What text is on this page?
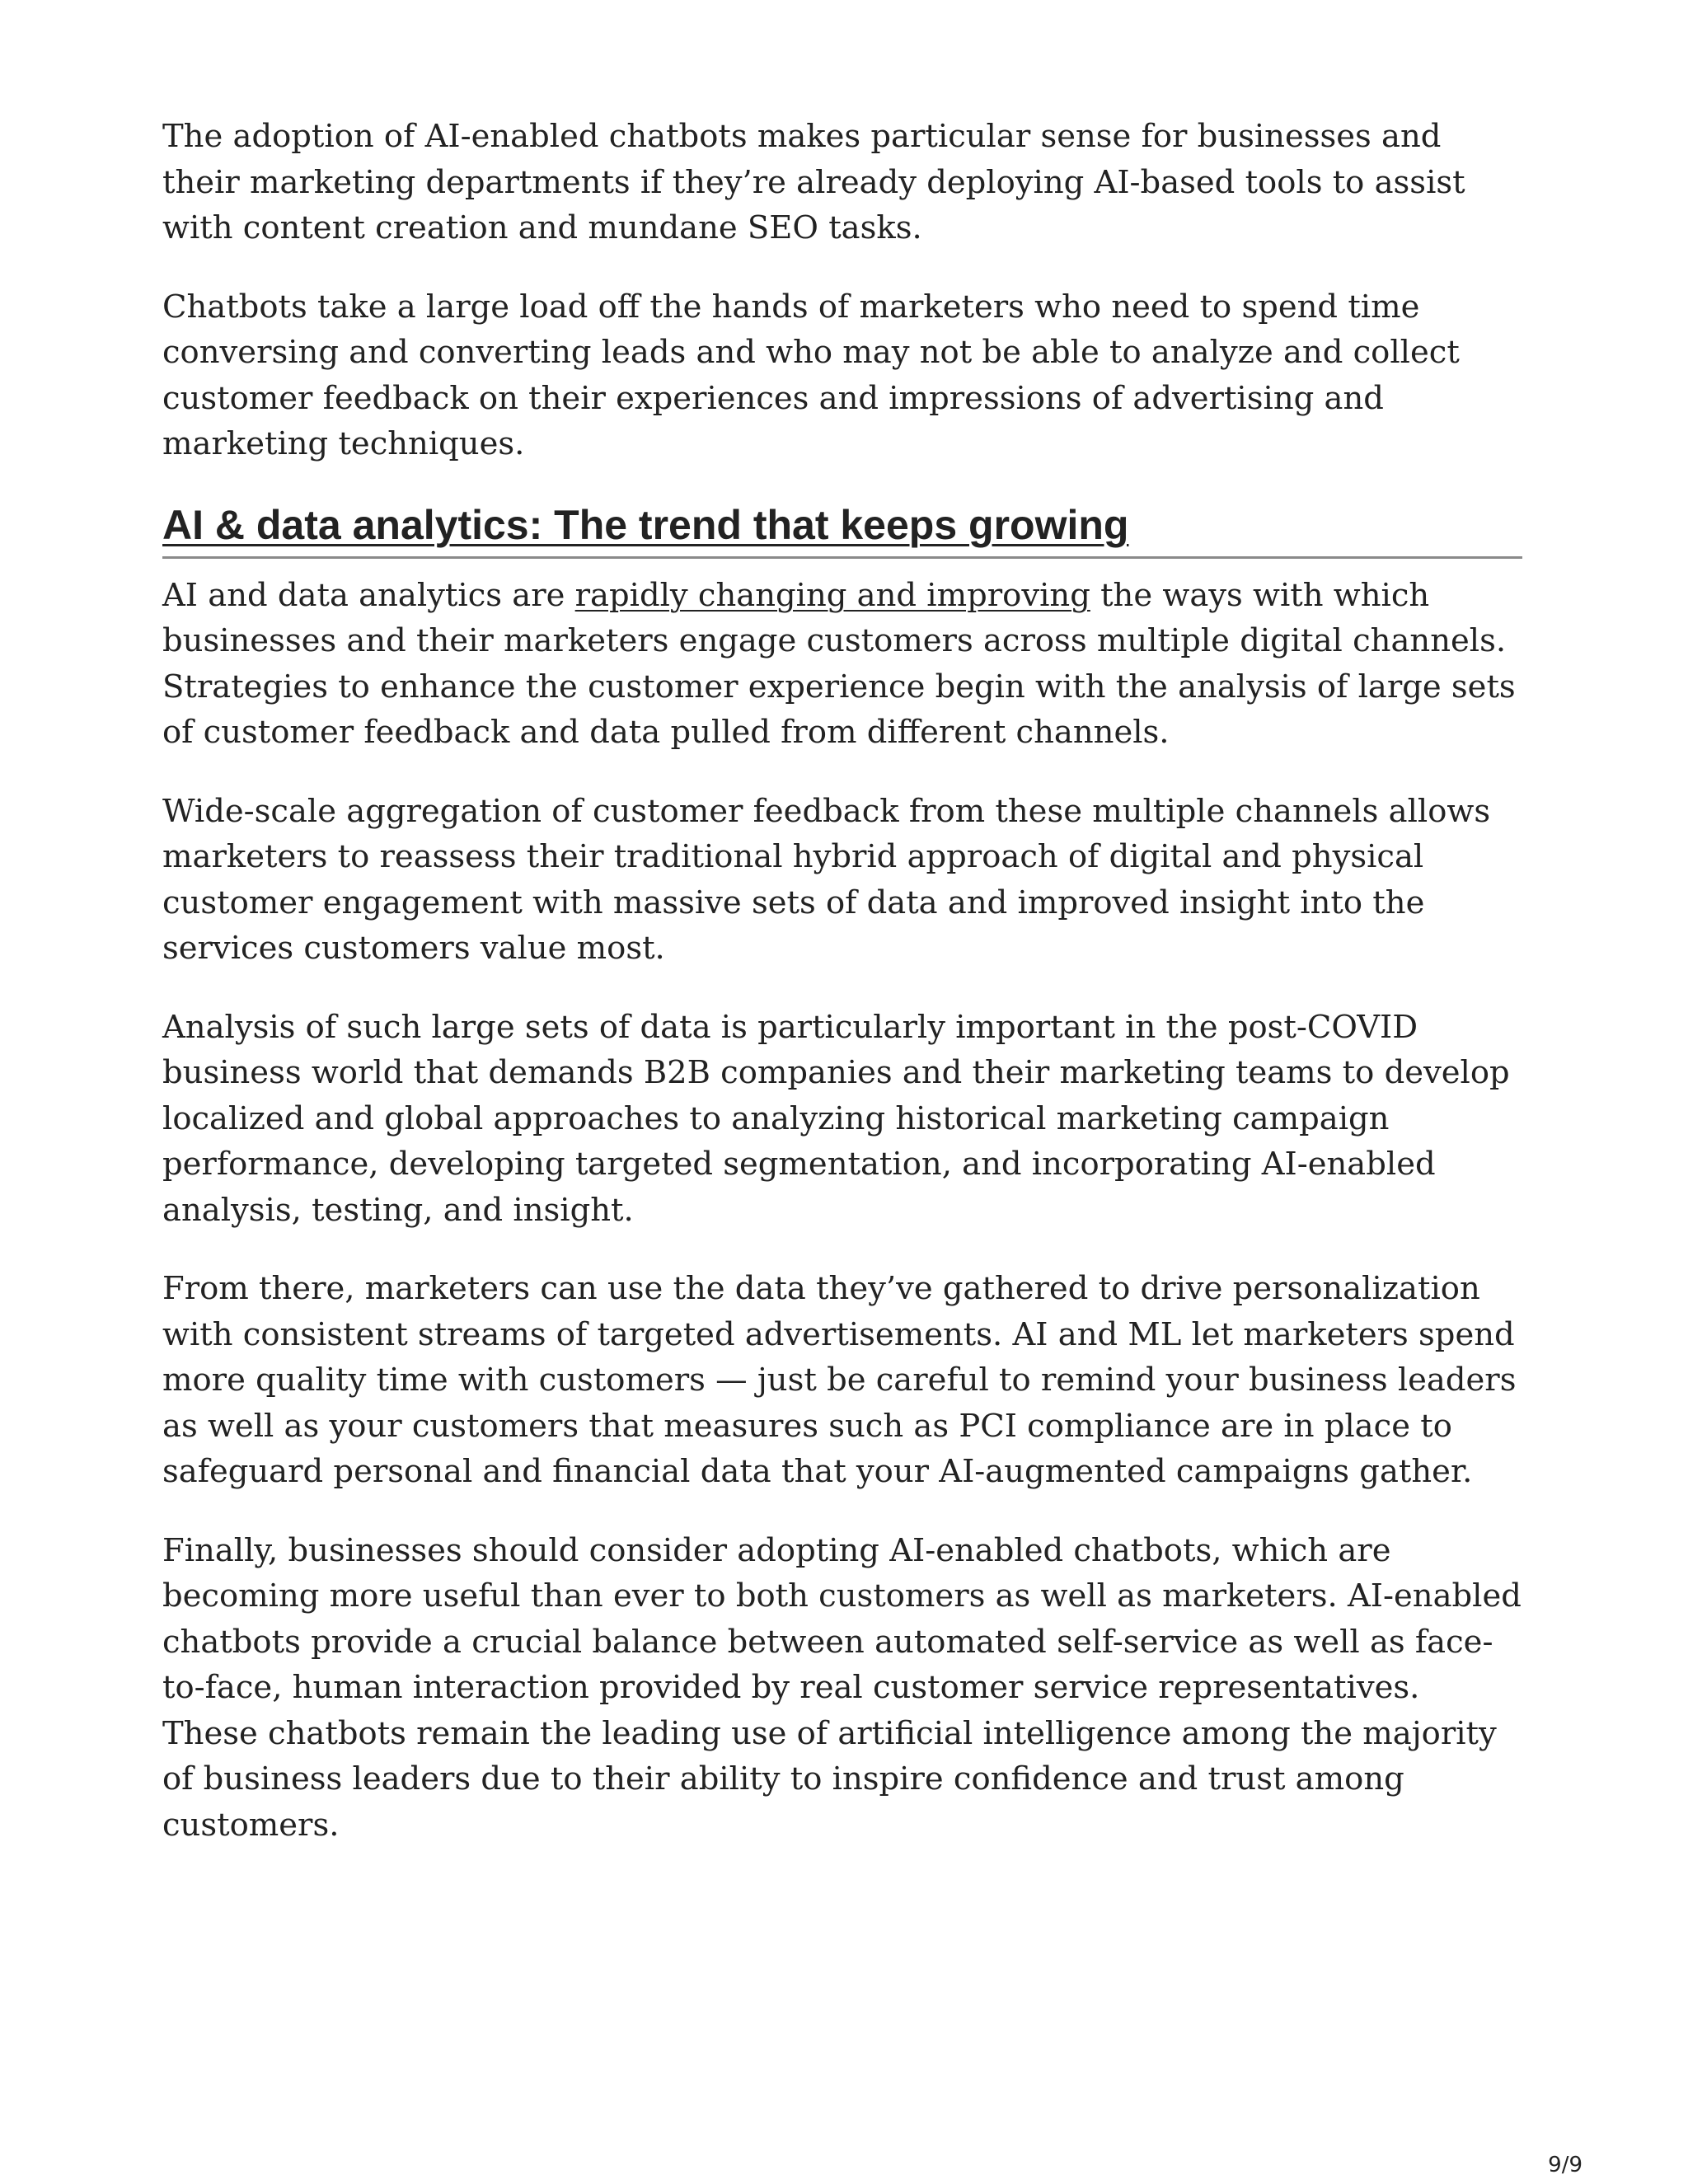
The adoption of AI-enabled chatbots makes particular sense for businesses and their marketing departments if they’re already deploying AI-based tools to assist with content creation and mundane SEO tasks.

Chatbots take a large load off the hands of marketers who need to spend time conversing and converting leads and who may not be able to analyze and collect customer feedback on their experiences and impressions of advertising and marketing techniques.

AI & data analytics: The trend that keeps growing

AI and data analytics are rapidly changing and improving the ways with which businesses and their marketers engage customers across multiple digital channels. Strategies to enhance the customer experience begin with the analysis of large sets of customer feedback and data pulled from different channels.

Wide-scale aggregation of customer feedback from these multiple channels allows marketers to reassess their traditional hybrid approach of digital and physical customer engagement with massive sets of data and improved insight into the services customers value most.

Analysis of such large sets of data is particularly important in the post-COVID business world that demands B2B companies and their marketing teams to develop localized and global approaches to analyzing historical marketing campaign performance, developing targeted segmentation, and incorporating AI-enabled analysis, testing, and insight.

From there, marketers can use the data they’ve gathered to drive personalization with consistent streams of targeted advertisements. AI and ML let marketers spend more quality time with customers — just be careful to remind your business leaders as well as your customers that measures such as PCI compliance are in place to safeguard personal and financial data that your AI-augmented campaigns gather.

Finally, businesses should consider adopting AI-enabled chatbots, which are becoming more useful than ever to both customers as well as marketers. AI-enabled chatbots provide a crucial balance between automated self-service as well as face-to-face, human interaction provided by real customer service representatives. These chatbots remain the leading use of artificial intelligence among the majority of business leaders due to their ability to inspire confidence and trust among customers.

9/9
